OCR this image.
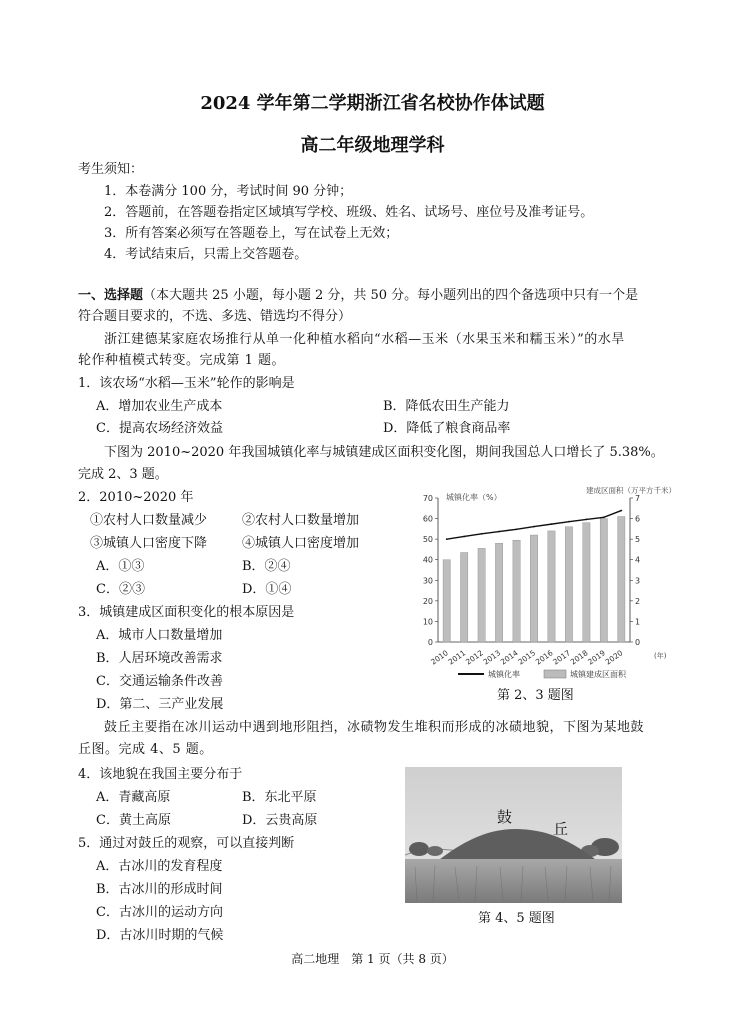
2024 学年第二学期浙江省名校协作体试题
高二年级地理学科
考生须知：
1．本卷满分 100 分，考试时间 90 分钟；
2．答题前，在答题卷指定区域填写学校、班级、姓名、试场号、座位号及准考证号。
3．所有答案必须写在答题卷上，写在试卷上无效；
4．考试结束后，只需上交答题卷。
一、选择题（本大题共 25 小题，每小题 2 分，共 50 分。每小题列出的四个备选项中只有一个是
符合题目要求的，不选、多选、错选均不得分）
浙江建德某家庭农场推行从单一化种植水稻向“水稻—玉米（水果玉米和糯玉米）”的水旱
轮作种植模式转变。完成第 1 题。
1．该农场“水稻—玉米”轮作的影响是
A．增加农业生产成本	B．降低农田生产能力
C．提高农场经济效益	D．降低了粮食商品率
下图为 2010~2020 年我国城镇化率与城镇建成区面积变化图，期间我国总人口增长了 5.38%。
完成 2、3 题。
2．2010~2020 年
①农村人口数量减少	②农村人口数量增加
③城镇人口密度下降	④城镇人口密度增加
A．①③	B．②④
C．②③	D．①④
3．城镇建成区面积变化的根本原因是
A．城市人口数量增加
B．人居环境改善需求
C．交通运输条件改善
D．第二、三产业发展
0
10
20
30
40
50
60
70
0
1
2
3
4
5
6
7
2010
2011
2012
2013
2014
2015
2016
2017
2018
2019
2020
城镇化率（%）
建成区面积（万平方千米）
(年)
城镇化率	城镇建成区面积
第 2、3 题图
鼓丘主要指在冰川运动中遇到地形阻挡，冰碛物发生堆积而形成的冰碛地貌，下图为某地鼓
丘图。完成 4、5 题。
4．该地貌在我国主要分布于
A．青藏高原	B．东北平原
C．黄土高原	D．云贵高原
5．通过对鼓丘的观察，可以直接判断
A．古冰川的发育程度
B．古冰川的形成时间
C．古冰川的运动方向
D．古冰川时期的气候
鼓
丘
第 4、5 题图
高二地理　第 1 页（共 8 页）
